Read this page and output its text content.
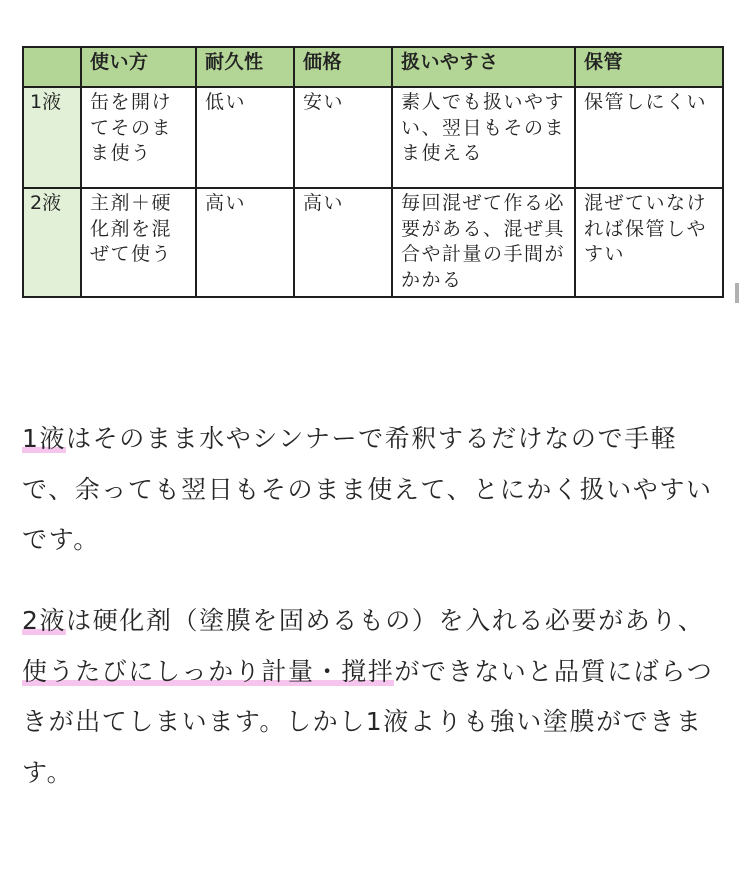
	使い方	耐久性	価格	扱いやすさ	保管
1液	缶を開けてそのまま使う	低い	安い	素人でも扱いやすい、翌日もそのまま使える	保管しにくい
2液	主剤＋硬化剤を混ぜて使う	高い	高い	毎回混ぜて作る必要がある、混ぜ具合や計量の手間がかかる	混ぜていなければ保管しやすい

1液はそのまま水やシンナーで希釈するだけなので手軽で、余っても翌日もそのまま使えて、とにかく扱いやすいです。

2液は硬化剤（塗膜を固めるもの）を入れる必要があり、使うたびにしっかり計量・撹拌ができないと品質にばらつきが出てしまいます。しかし1液よりも強い塗膜ができます。
